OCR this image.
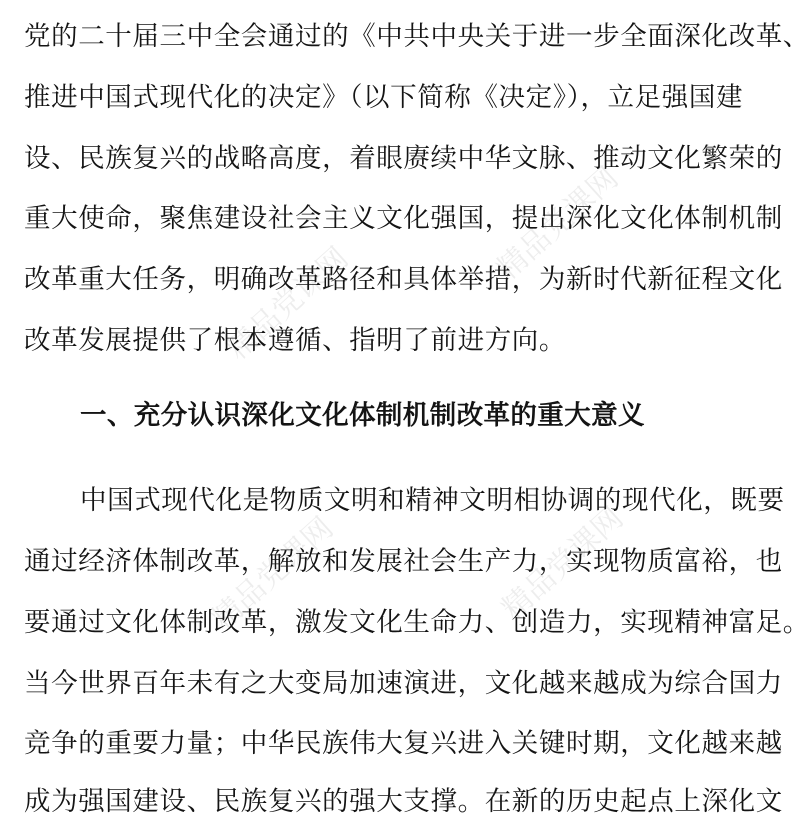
精品党课网
精品党课网
精品党课网	精品党课网
党的二十届三中全会通过的《中共中央关于进一步全面深化改革、
推进中国式现代化的决定》（以下简称《决定》），立足强国建
设、民族复兴的战略高度，着眼赓续中华文脉、推动文化繁荣的
重大使命，聚焦建设社会主义文化强国，提出深化文化体制机制
改革重大任务，明确改革路径和具体举措，为新时代新征程文化
改革发展提供了根本遵循、指明了前进方向。
一、充分认识深化文化体制机制改革的重大意义
中国式现代化是物质文明和精神文明相协调的现代化，既要
通过经济体制改革，解放和发展社会生产力，实现物质富裕，也
要通过文化体制改革，激发文化生命力、创造力，实现精神富足。
当今世界百年未有之大变局加速演进，文化越来越成为综合国力
竞争的重要力量；中华民族伟大复兴进入关键时期，文化越来越
成为强国建设、民族复兴的强大支撑。在新的历史起点上深化文
